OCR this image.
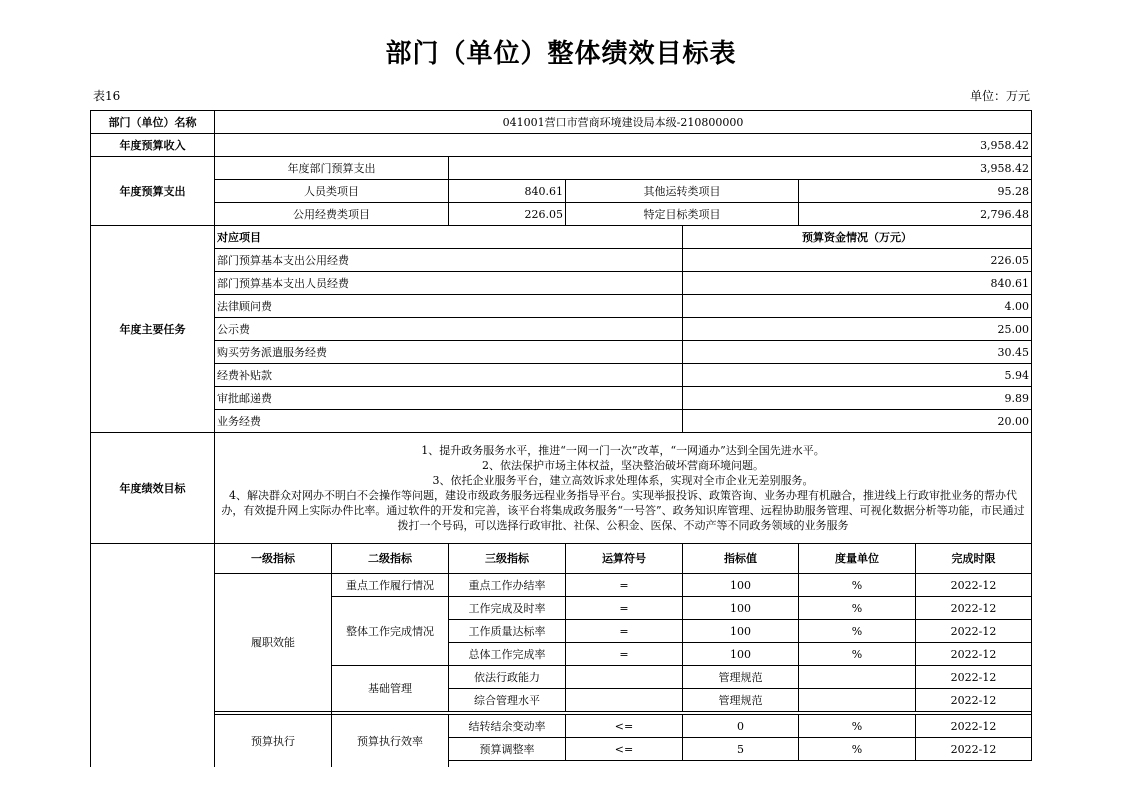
部门（单位）整体绩效目标表
表16	单位：万元
部门（单位）名称	041001营口市营商环境建设局本级-210800000						
年度预算收入	3,958.42						
年度预算支出	年度部门预算支出		3,958.42				
	人员类项目		840.61	其他运转类项目		95.28	
	公用经费类项目		226.05	特定目标类项目		2,796.48	
年度主要任务	对应项目				预算资金情况（万元）		
	部门预算基本支出公用经费				226.05		
	部门预算基本支出人员经费				840.61		
	法律顾问费				4.00		
	公示费				25.00		
	购买劳务派遣服务经费				30.45		
	经费补贴款				5.94		
	审批邮递费				9.89		
	业务经费				20.00		
年度绩效目标	1、提升政务服务水平，推进“一网一门一次”改革，“一网通办”达到全国先进水平。
2、依法保护市场主体权益，坚决整治破坏营商环境问题。
3、依托企业服务平台，建立高效诉求处理体系，实现对全市企业无差别服务。
4、解决群众对网办不明白不会操作等问题，建设市级政务服务远程业务指导平台。实现举报投诉、政策咨询、业务办理有机融合，推进线上行政审批业务的帮办代办，有效提升网上实际办件比率。通过软件的开发和完善，该平台将集成政务服务“一号答”、政务知识库管理、远程协助服务管理、可视化数据分析等功能，市民通过拨打一个号码，可以选择行政审批、社保、公积金、医保、不动产等不同政务领域的业务服务						

	一级指标	二级指标	三级指标	运算符号	指标值	度量单位	完成时限
	履职效能	重点工作履行情况	重点工作办结率	=	100	%	2022-12
		整体工作完成情况	工作完成及时率	=	100	%	2022-12
			工作质量达标率	=	100	%	2022-12
			总体工作完成率	=	100	%	2022-12
		基础管理	依法行政能力		管理规范		2022-12
			综合管理水平		管理规范		2022-12

	预算执行	预算执行效率	结转结余变动率	<=	0	%	2022-12
			预算调整率	<=	5	%	2022-12
